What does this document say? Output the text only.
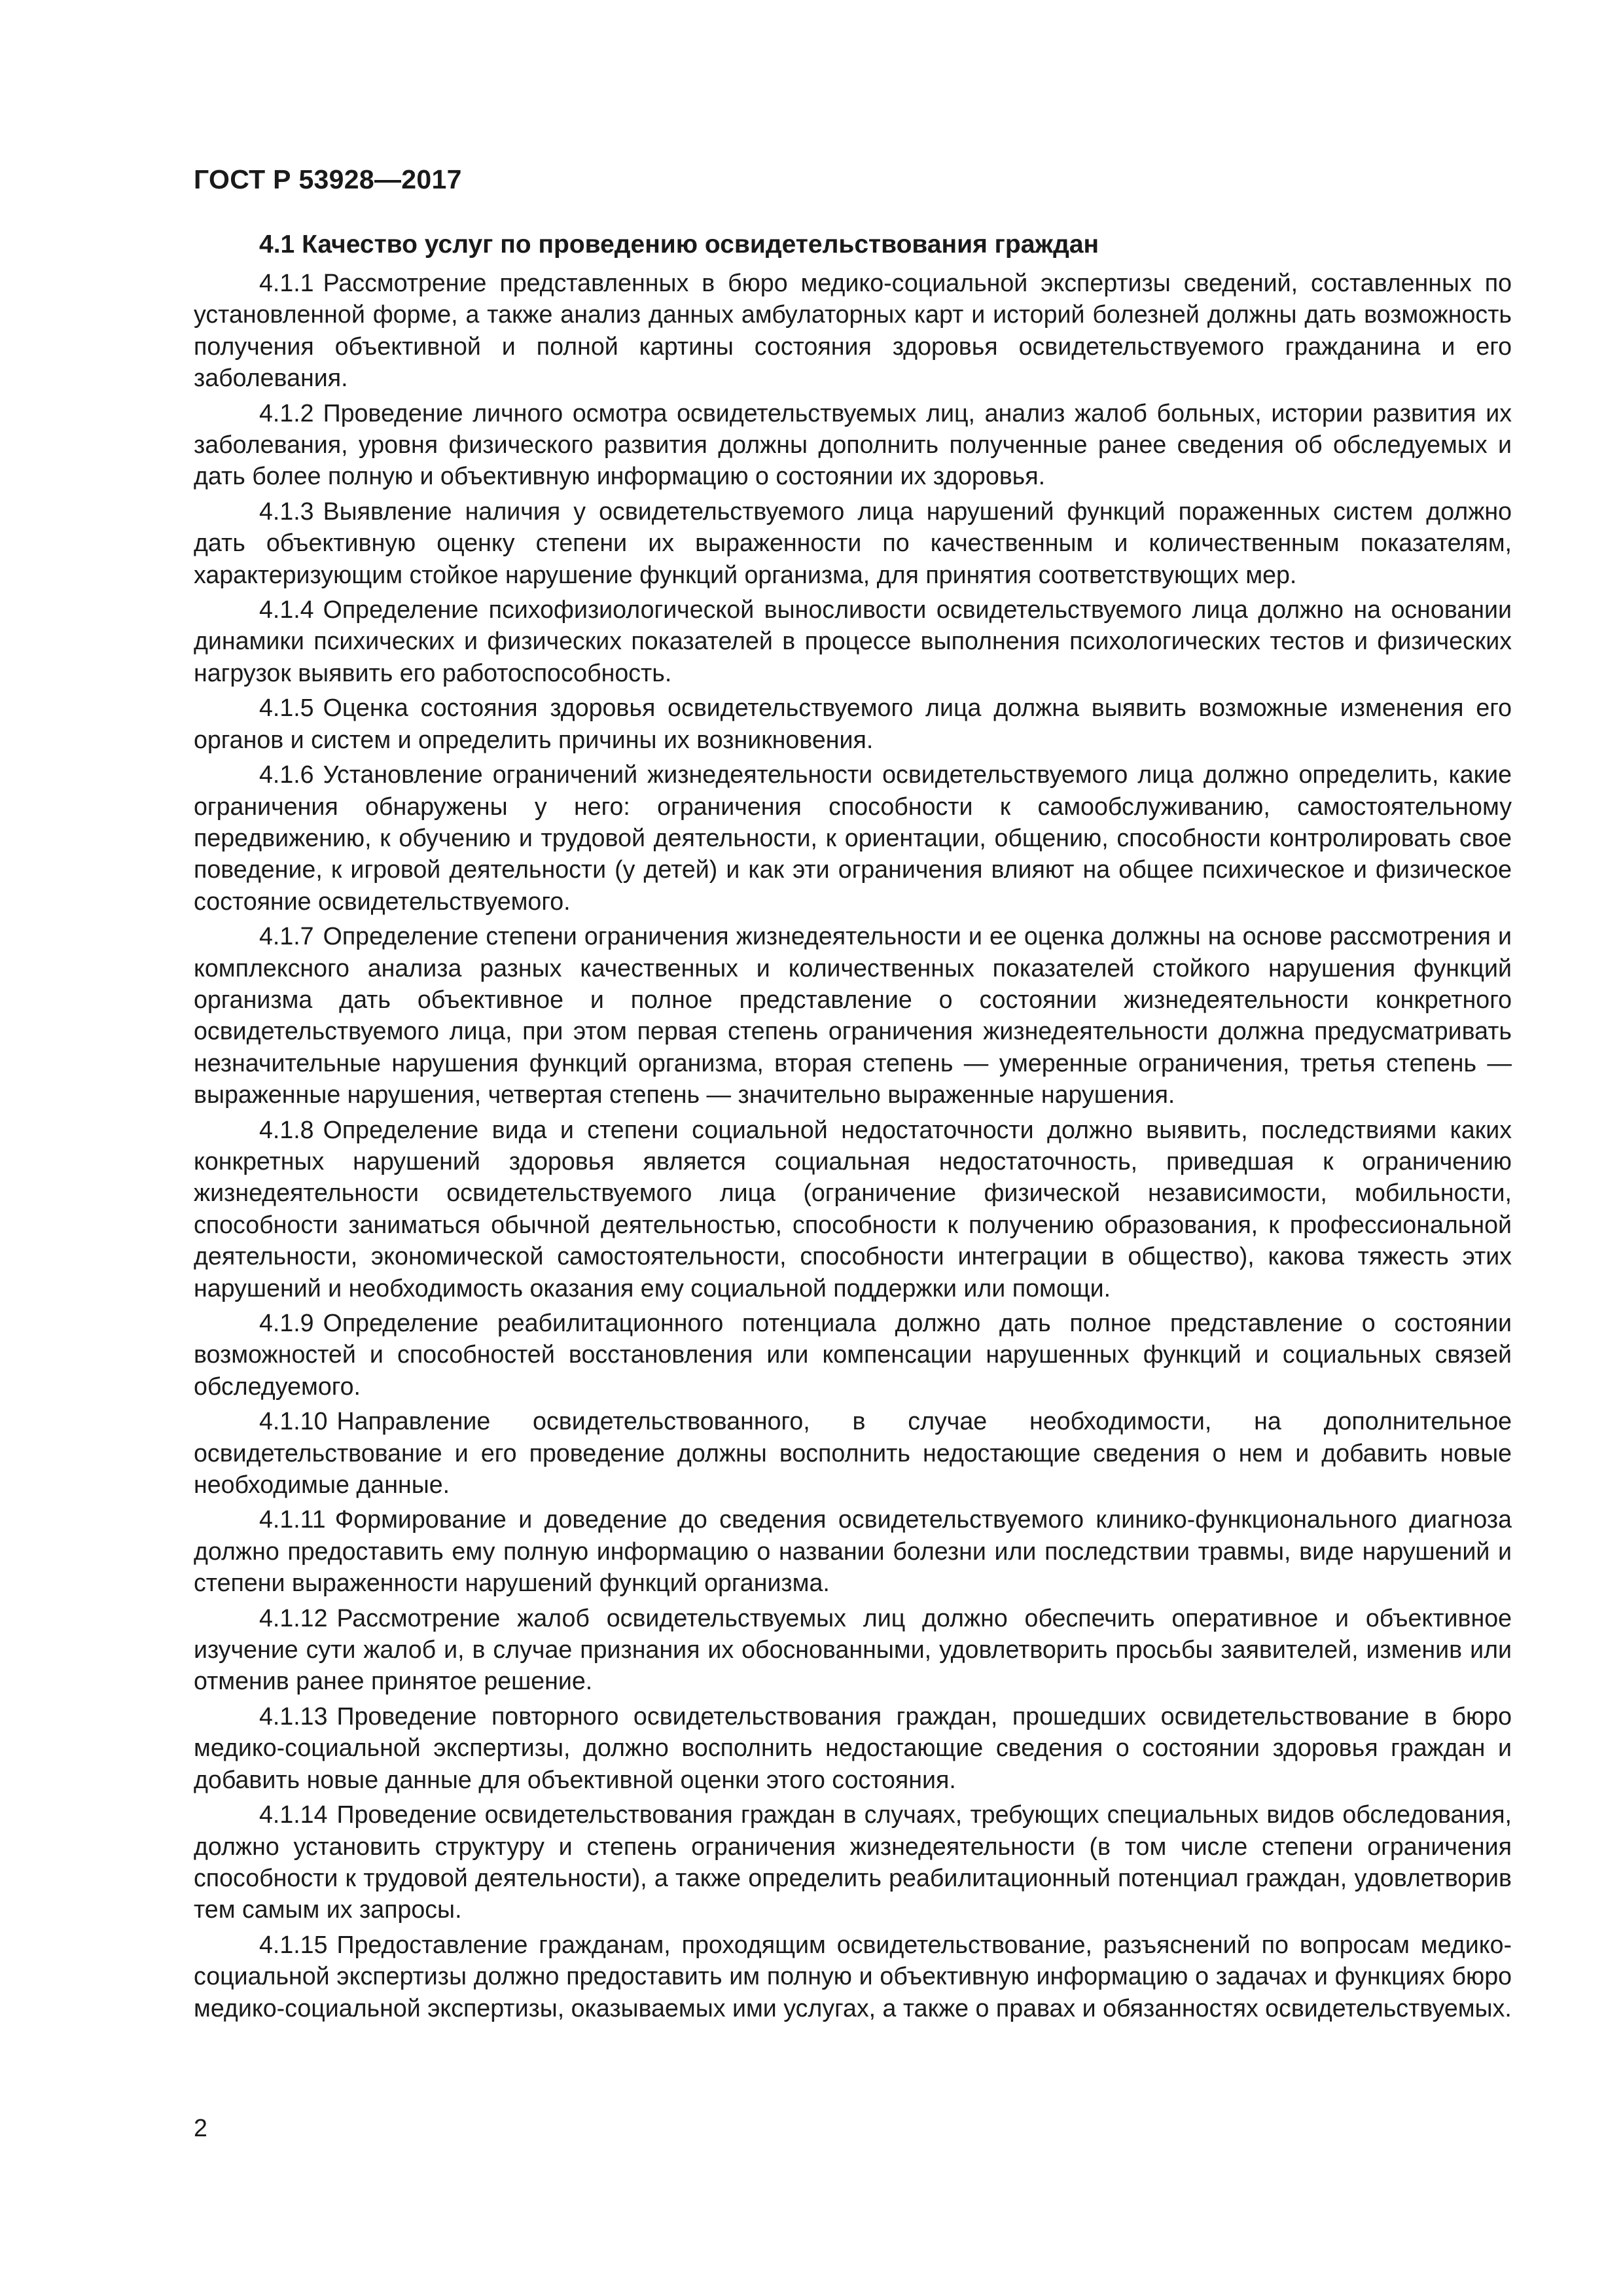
ГОСТ Р 53928—2017
4.1 Качество услуг по проведению освидетельствования граждан

4.1.1 Рассмотрение представленных в бюро медико-социальной экспертизы сведений, составленных по установленной форме, а также анализ данных амбулаторных карт и историй болезней должны дать возможность получения объективной и полной картины состояния здоровья освидетельствуемого гражданина и его заболевания.

4.1.2 Проведение личного осмотра освидетельствуемых лиц, анализ жалоб больных, истории развития их заболевания, уровня физического развития должны дополнить полученные ранее сведения об обследуемых и дать более полную и объективную информацию о состоянии их здоровья.

4.1.3 Выявление наличия у освидетельствуемого лица нарушений функций пораженных систем должно дать объективную оценку степени их выраженности по качественным и количественным показателям, характеризующим стойкое нарушение функций организма, для принятия соответствующих мер.

4.1.4 Определение психофизиологической выносливости освидетельствуемого лица должно на основании динамики психических и физических показателей в процессе выполнения психологических тестов и физических нагрузок выявить его работоспособность.

4.1.5 Оценка состояния здоровья освидетельствуемого лица должна выявить возможные изменения его органов и систем и определить причины их возникновения.

4.1.6 Установление ограничений жизнедеятельности освидетельствуемого лица должно определить, какие ограничения обнаружены у него: ограничения способности к самообслуживанию, самостоятельному передвижению, к обучению и трудовой деятельности, к ориентации, общению, способности контролировать свое поведение, к игровой деятельности (у детей) и как эти ограничения влияют на общее психическое и физическое состояние освидетельствуемого.

4.1.7 Определение степени ограничения жизнедеятельности и ее оценка должны на основе рассмотрения и комплексного анализа разных качественных и количественных показателей стойкого нарушения функций организма дать объективное и полное представление о состоянии жизнедеятельности конкретного освидетельствуемого лица, при этом первая степень ограничения жизнедеятельности должна предусматривать незначительные нарушения функций организма, вторая степень — умеренные ограничения, третья степень — выраженные нарушения, четвертая степень — значительно выраженные нарушения.

4.1.8 Определение вида и степени социальной недостаточности должно выявить, последствиями каких конкретных нарушений здоровья является социальная недостаточность, приведшая к ограничению жизнедеятельности освидетельствуемого лица (ограничение физической независимости, мобильности, способности заниматься обычной деятельностью, способности к получению образования, к профессиональной деятельности, экономической самостоятельности, способности интеграции в общество), какова тяжесть этих нарушений и необходимость оказания ему социальной поддержки или помощи.

4.1.9 Определение реабилитационного потенциала должно дать полное представление о состоянии возможностей и способностей восстановления или компенсации нарушенных функций и социальных связей обследуемого.

4.1.10 Направление освидетельствованного, в случае необходимости, на дополнительное освидетельствование и его проведение должны восполнить недостающие сведения о нем и добавить новые необходимые данные.

4.1.11 Формирование и доведение до сведения освидетельствуемого клинико-функционального диагноза должно предоставить ему полную информацию о названии болезни или последствии травмы, виде нарушений и степени выраженности нарушений функций организма.

4.1.12 Рассмотрение жалоб освидетельствуемых лиц должно обеспечить оперативное и объективное изучение сути жалоб и, в случае признания их обоснованными, удовлетворить просьбы заявителей, изменив или отменив ранее принятое решение.

4.1.13 Проведение повторного освидетельствования граждан, прошедших освидетельствование в бюро медико-социальной экспертизы, должно восполнить недостающие сведения о состоянии здоровья граждан и добавить новые данные для объективной оценки этого состояния.

4.1.14 Проведение освидетельствования граждан в случаях, требующих специальных видов обследования, должно установить структуру и степень ограничения жизнедеятельности (в том числе степени ограничения способности к трудовой деятельности), а также определить реабилитационный потенциал граждан, удовлетворив тем самым их запросы.

4.1.15 Предоставление гражданам, проходящим освидетельствование, разъяснений по вопросам медико-социальной экспертизы должно предоставить им полную и объективную информацию о задачах и функциях бюро медико-социальной экспертизы, оказываемых ими услугах, а также о правах и обязанностях освидетельствуемых.

2
